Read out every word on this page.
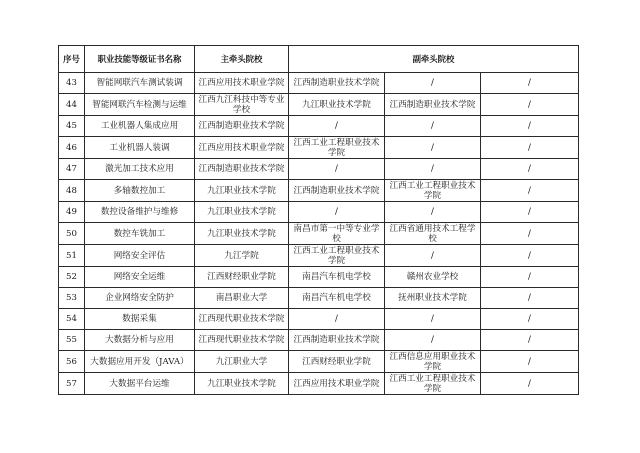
序号	职业技能等级证书名称	主牵头院校	副牵头院校		
43	智能网联汽车测试装调	江西应用技术职业学院	江西制造职业技术学院	/	/
44	智能网联汽车检测与运维	江西九江科技中等专业学校	九江职业技术学院	江西制造职业技术学院	/
45	工业机器人集成应用	江西制造职业技术学院	/	/	/
46	工业机器人装调	江西应用技术职业学院	江西工业工程职业技术学院	/	/
47	激光加工技术应用	江西制造职业技术学院	/	/	/
48	多轴数控加工	九江职业技术学院	江西制造职业技术学院	江西工业工程职业技术学院	/
49	数控设备维护与维修	九江职业技术学院	/	/	/
50	数控车铣加工	九江职业技术学院	南昌市第一中等专业学校	江西省通用技术工程学校	/
51	网络安全评估	九江学院	江西工业工程职业技术学院	/	/
52	网络安全运维	江西财经职业学院	南昌汽车机电学校	赣州农业学校	/
53	企业网络安全防护	南昌职业大学	南昌汽车机电学校	抚州职业技术学院	/
54	数据采集	江西现代职业技术学院	/	/	/
55	大数据分析与应用	江西现代职业技术学院	江西制造职业技术学院	/	/
56	大数据应用开发（JAVA）	九江职业大学	江西财经职业学院	江西信息应用职业技术学院	/
57	大数据平台运维	九江职业技术学院	江西应用技术职业学院	江西工业工程职业技术学院	/
